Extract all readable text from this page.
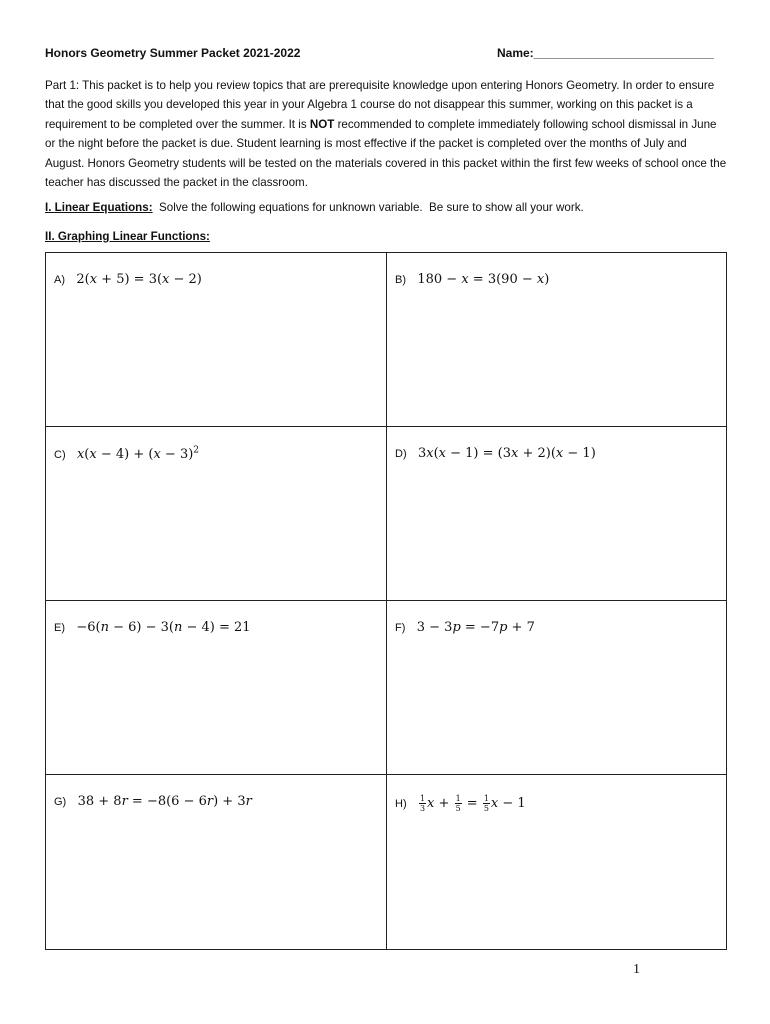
Honors Geometry Summer Packet 2021-2022	Name:___________________________

Part 1: This packet is to help you review topics that are prerequisite knowledge upon entering Honors Geometry. In order to ensure that the good skills you developed this year in your Algebra 1 course do not disappear this summer, working on this packet is a requirement to be completed over the summer. It is NOT recommended to complete immediately following school dismissal in June or the night before the packet is due. Student learning is most effective if the packet is completed over the months of July and August. Honors Geometry students will be tested on the materials covered in this packet within the first few weeks of school once the teacher has discussed the packet in the classroom.

I. Linear Equations:  Solve the following equations for unknown variable.  Be sure to show all your work.
II. Graphing Linear Functions:
A) 2(x + 5) = 3(x − 2)	B) 180 − x = 3(90 − x)
C) $x(x - 4) + (x - 3)^2$	D) 3x(x − 1) = (3x + 2)(x − 1)
E) −6(n − 6) − 3(n − 4) = 21	F) 3 − 3p = −7p + 7
G) 38 + 8r = −8(6 − 6r) + 3r	$H) \frac{1}{3}$ $x + \frac{1}{5} = \frac{1}{5}$ x − 1
1
